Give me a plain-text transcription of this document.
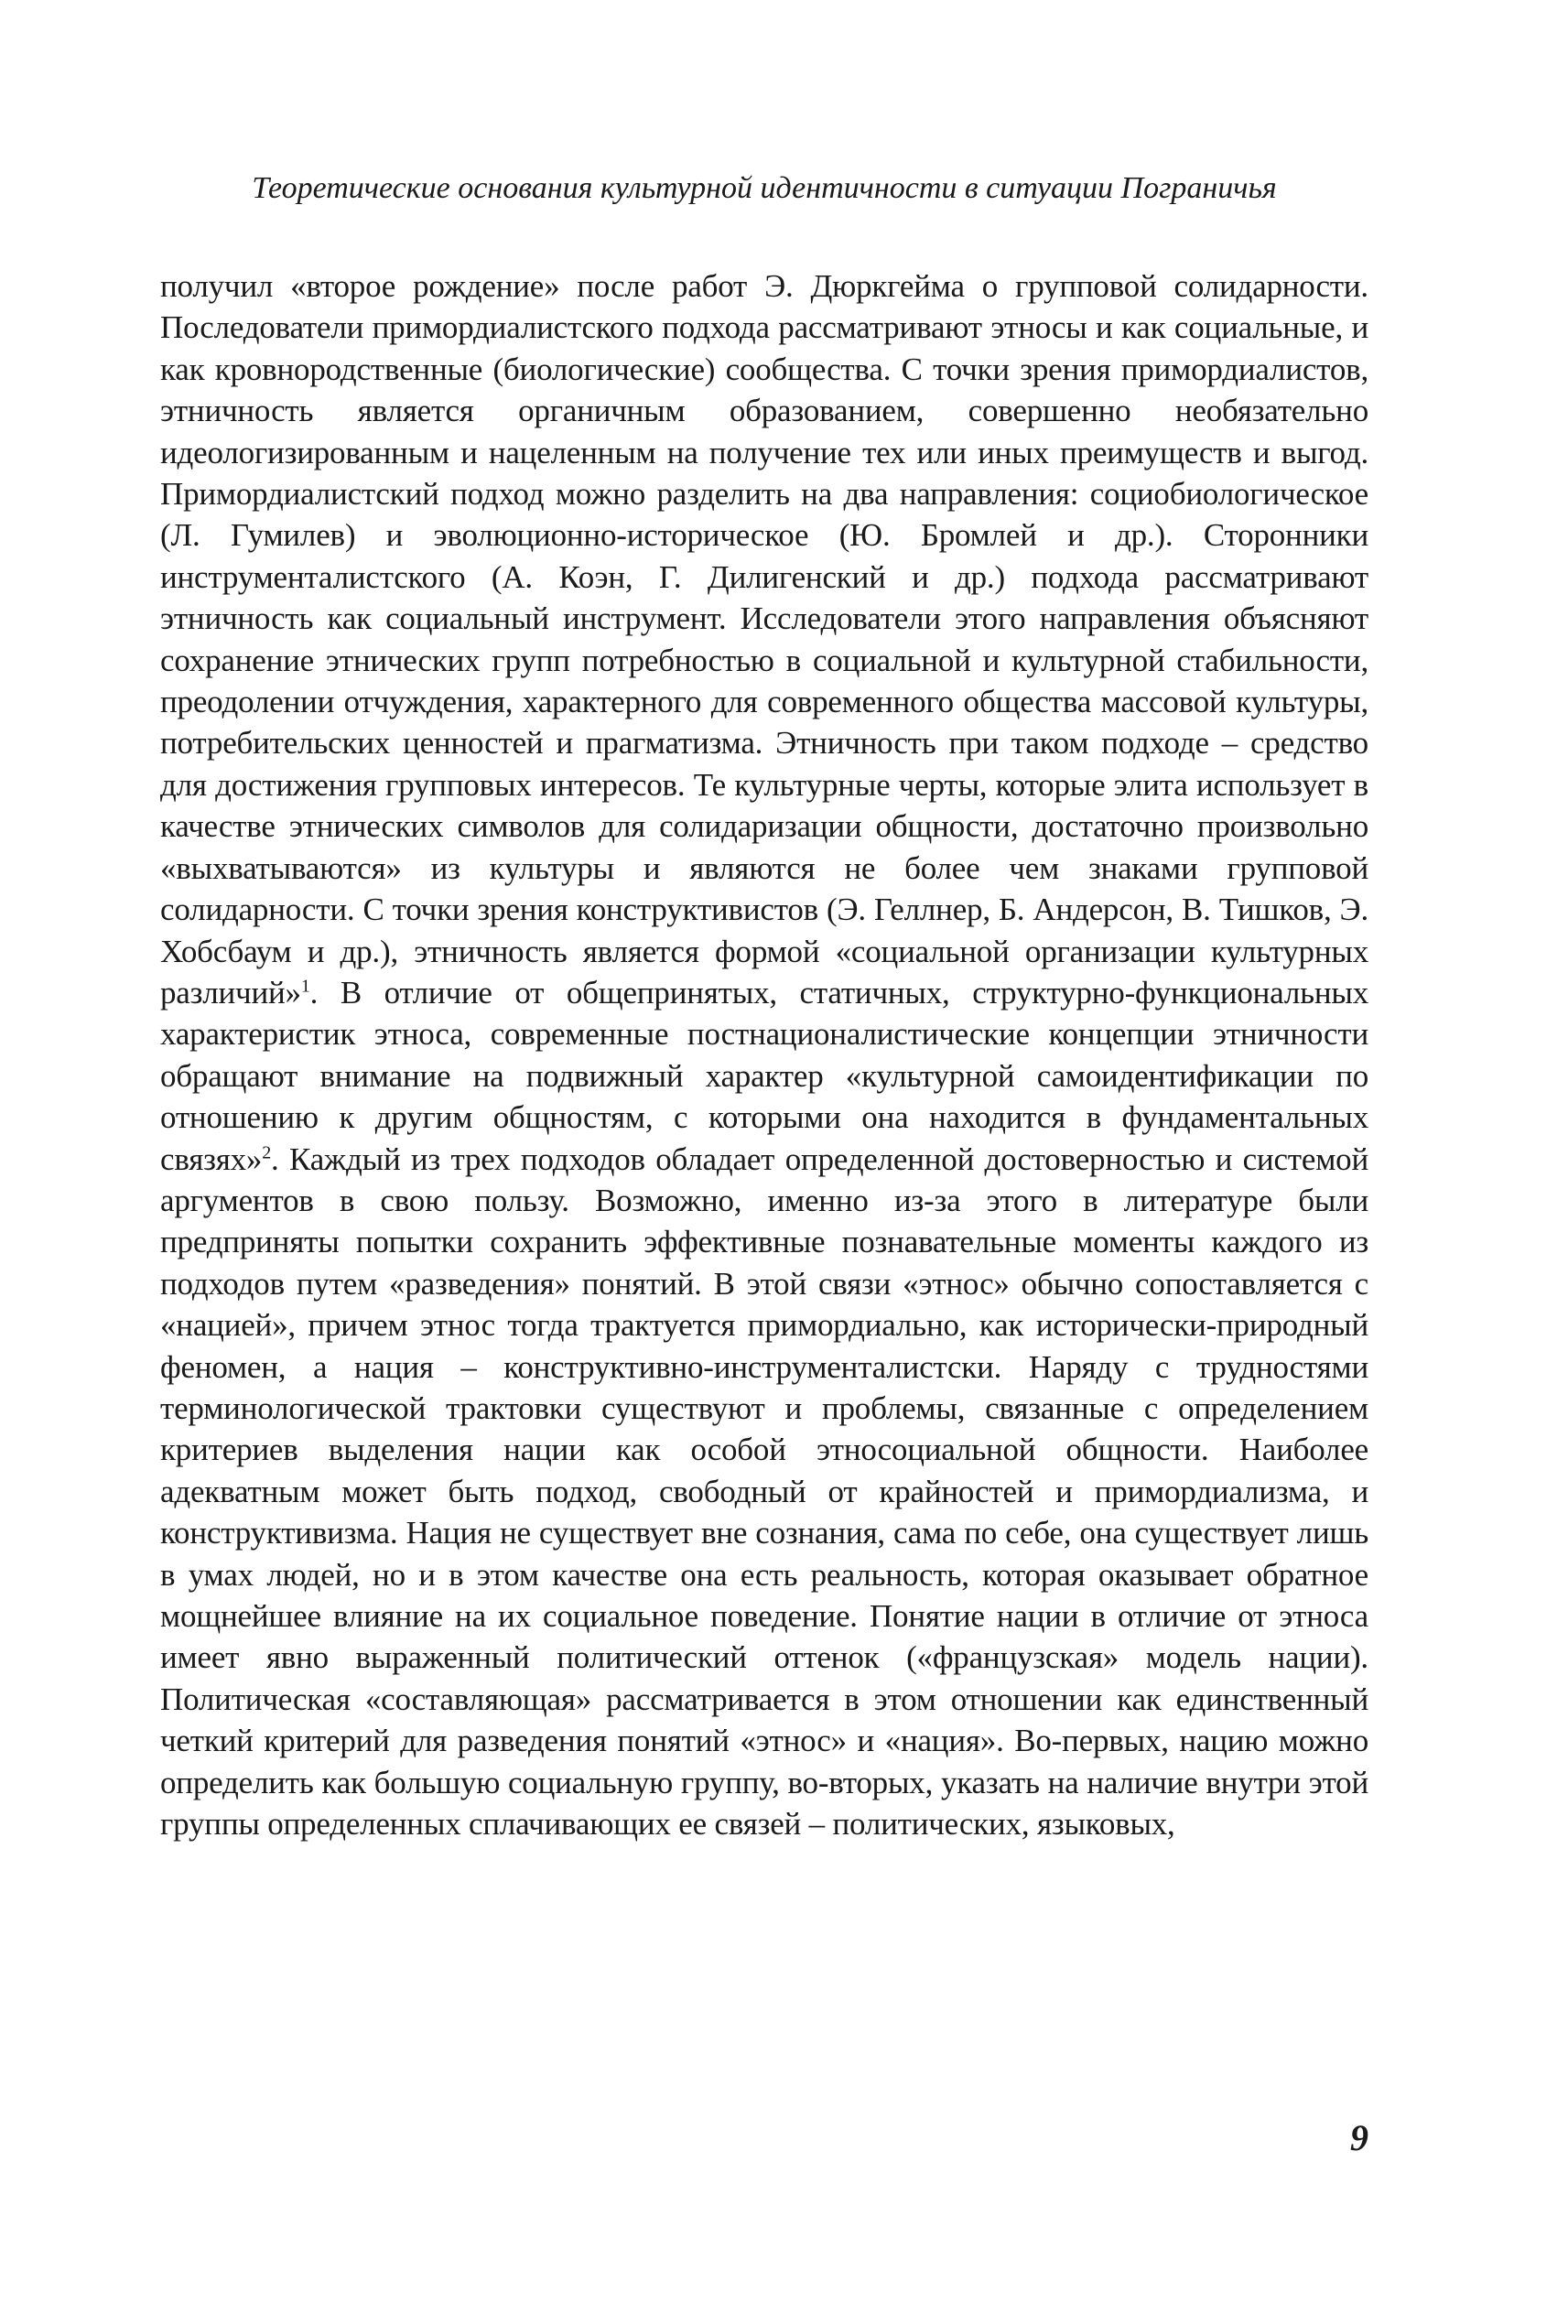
Теоретические основания культурной идентичности в ситуации Пограничья

получил «второе рождение» после работ Э. Дюркгейма о групповой солидарности. Последователи примордиалистского подхода рассматривают этносы и как социальные, и как кровнородственные (биологические) сообщества. С точки зрения примордиалистов, этничность является органичным образованием, совершенно необязательно идеологизированным и нацеленным на получение тех или иных преимуществ и выгод. Примордиалистский подход можно разделить на два направления: социобиологическое (Л. Гумилев) и эволюционно-историческое (Ю. Бромлей и др.). Сторонники инструменталистского (А. Коэн, Г. Дилигенский и др.) подхода рассматривают этничность как социальный инструмент. Исследователи этого направления объясняют сохранение этнических групп потребностью в социальной и культурной стабильности, преодолении отчуждения, характерного для современного общества массовой культуры, потребительских ценностей и прагматизма. Этничность при таком подходе – средство для достижения групповых интересов. Те культурные черты, которые элита использует в качестве этнических символов для солидаризации общности, достаточно произвольно «выхватываются» из культуры и являются не более чем знаками групповой солидарности. С точки зрения конструктивистов (Э. Геллнер, Б. Андерсон, В. Тишков, Э. Хобсбаум и др.), этничность является формой «социальной организации культурных различий»$^1$. В отличие от общепринятых, статичных, структурно-функциональных характеристик этноса, современные постнационалистические концепции этничности обращают внимание на подвижный характер «культурной самоидентификации по отношению к другим общностям, с которыми она находится в фундаментальных связях»$^2$. Каждый из трех подходов обладает определенной достоверностью и системой аргументов в свою пользу. Возможно, именно из-за этого в литературе были предприняты попытки сохранить эффективные познавательные моменты каждого из подходов путем «разведения» понятий. В этой связи «этнос» обычно сопоставляется с «нацией», причем этнос тогда трактуется примордиально, как исторически-природный феномен, а нация – конструктивно-инструменталистски. Наряду с трудностями терминологической трактовки существуют и проблемы, связанные с определением критериев выделения нации как особой этносоциальной общности. Наиболее адекватным может быть подход, свободный от крайностей и примордиализма, и конструктивизма. Нация не существует вне сознания, сама по себе, она существует лишь в умах людей, но и в этом качестве она есть реальность, которая оказывает обратное мощнейшее влияние на их социальное поведение. Понятие нации в отличие от этноса имеет явно выраженный политический оттенок («французская» модель нации). Политическая «составляющая» рассматривается в этом отношении как единственный четкий критерий для разведения понятий «этнос» и «нация». Во-первых, нацию можно определить как большую социальную группу, во-вторых, указать на наличие внутри этой группы определенных сплачивающих ее связей – политических, языковых,

9
